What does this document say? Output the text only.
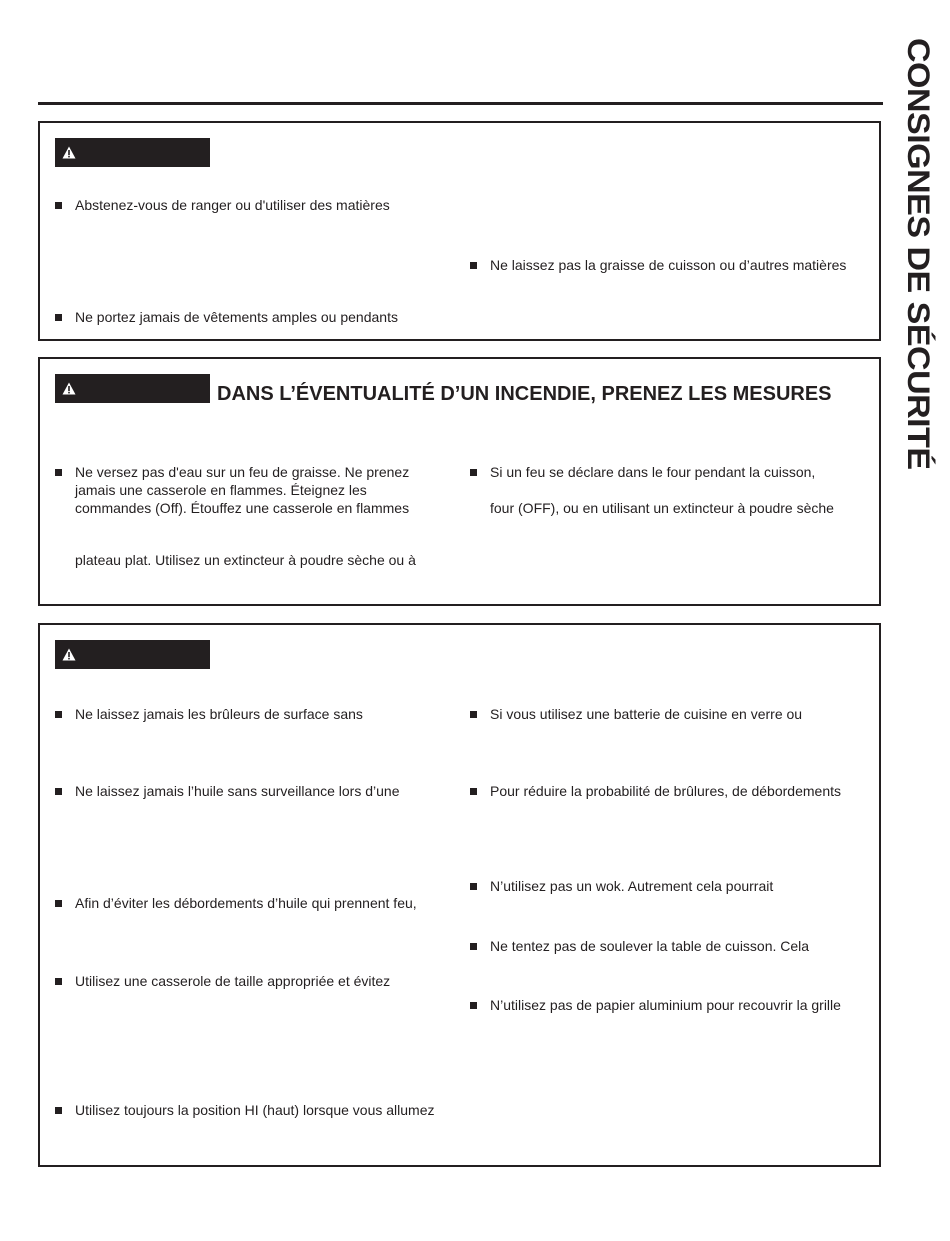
CONSIGNES DE SÉCURITÉ
Abstenez-vous de ranger ou d'utiliser des matières
Ne laissez pas la graisse de cuisson ou d’autres matières
Ne portez jamais de vêtements amples ou pendants
DANS L’ÉVENTUALITÉ D’UN INCENDIE, PRENEZ LES MESURES
Ne versez pas d'eau sur un feu de graisse. Ne prenez jamais une casserole en flammes. Éteignez les commandes (Off). Étouffez une casserole en flammes
plateau plat. Utilisez un extincteur à poudre sèche ou à
Si un feu se déclare dans le four pendant la cuisson,
four (OFF), ou en utilisant un extincteur à poudre sèche
Ne laissez jamais les brûleurs de surface sans
Ne laissez jamais l’huile sans surveillance lors d’une
Afin d’éviter les débordements d’huile qui prennent feu,
Utilisez une casserole de taille appropriée et évitez
Utilisez toujours la position HI (haut) lorsque vous allumez
Si vous utilisez une batterie de cuisine en verre ou
Pour réduire la probabilité de brûlures, de débordements
N’utilisez pas un wok. Autrement cela pourrait
Ne tentez pas de soulever la table de cuisson. Cela
N’utilisez pas de papier aluminium pour recouvrir la grille
